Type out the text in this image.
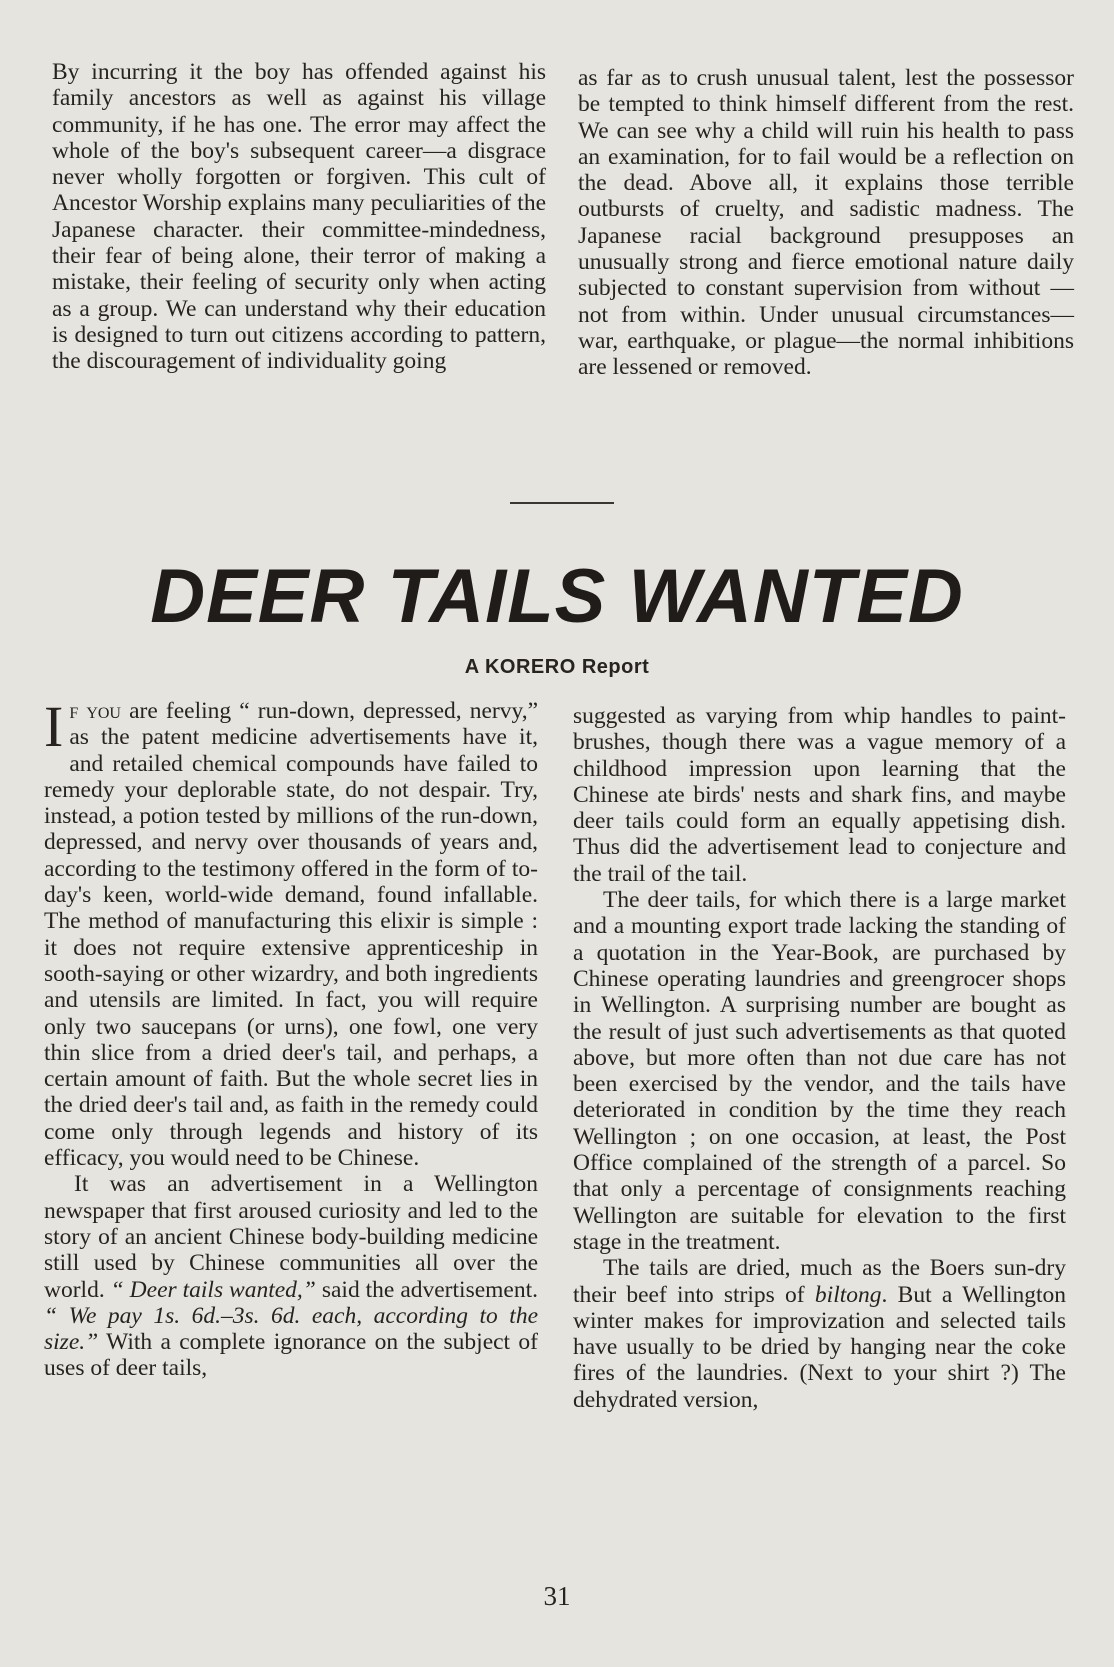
By incurring it the boy has offended against his family ancestors as well as against his village community, if he has one. The error may affect the whole of the boy's subsequent career—a disgrace never wholly forgotten or forgiven. This cult of Ancestor Worship explains many peculiarities of the Japanese character. their committee-mindedness, their fear of being alone, their terror of making a mistake, their feeling of security only when acting as a group. We can understand why their education is designed to turn out citizens according to pattern, the discouragement of individuality going

as far as to crush unusual talent, lest the possessor be tempted to think himself different from the rest. We can see why a child will ruin his health to pass an examination, for to fail would be a reflection on the dead. Above all, it explains those terrible outbursts of cruelty, and sadistic madness. The Japanese racial background presupposes an unusually strong and fierce emotional nature daily subjected to constant supervision from without — not from within. Under unusual circumstances—war, earthquake, or plague—the normal inhibitions are lessened or removed.

DEER TAILS WANTED

A KORERO Report

If you are feeling “ run-down, depressed, nervy,” as the patent medicine advertisements have it, and retailed chemical compounds have failed to remedy your deplorable state, do not despair. Try, instead, a potion tested by millions of the run-down, depressed, and nervy over thousands of years and, according to the testimony offered in the form of to-day's keen, world-wide demand, found infallable. The method of manufacturing this elixir is simple : it does not require extensive apprenticeship in sooth-saying or other wizardry, and both ingredients and utensils are limited. In fact, you will require only two saucepans (or urns), one fowl, one very thin slice from a dried deer's tail, and perhaps, a certain amount of faith. But the whole secret lies in the dried deer's tail and, as faith in the remedy could come only through legends and history of its efficacy, you would need to be Chinese.

It was an advertisement in a Wellington newspaper that first aroused curiosity and led to the story of an ancient Chinese body-building medicine still used by Chinese communities all over the world. “ Deer tails wanted,” said the advertisement. “ We pay 1s. 6d.–3s. 6d. each, according to the size.” With a complete ignorance on the subject of uses of deer tails,

suggested as varying from whip handles to paint-brushes, though there was a vague memory of a childhood impression upon learning that the Chinese ate birds' nests and shark fins, and maybe deer tails could form an equally appetising dish. Thus did the advertisement lead to conjecture and the trail of the tail.

The deer tails, for which there is a large market and a mounting export trade lacking the standing of a quotation in the Year-Book, are purchased by Chinese operating laundries and greengrocer shops in Wellington. A surprising number are bought as the result of just such advertisements as that quoted above, but more often than not due care has not been exercised by the vendor, and the tails have deteriorated in condition by the time they reach Wellington ; on one occasion, at least, the Post Office complained of the strength of a parcel. So that only a percentage of consignments reaching Wellington are suitable for elevation to the first stage in the treatment.

The tails are dried, much as the Boers sun-dry their beef into strips of biltong. But a Wellington winter makes for improvization and selected tails have usually to be dried by hanging near the coke fires of the laundries. (Next to your shirt ?) The dehydrated version,

31
